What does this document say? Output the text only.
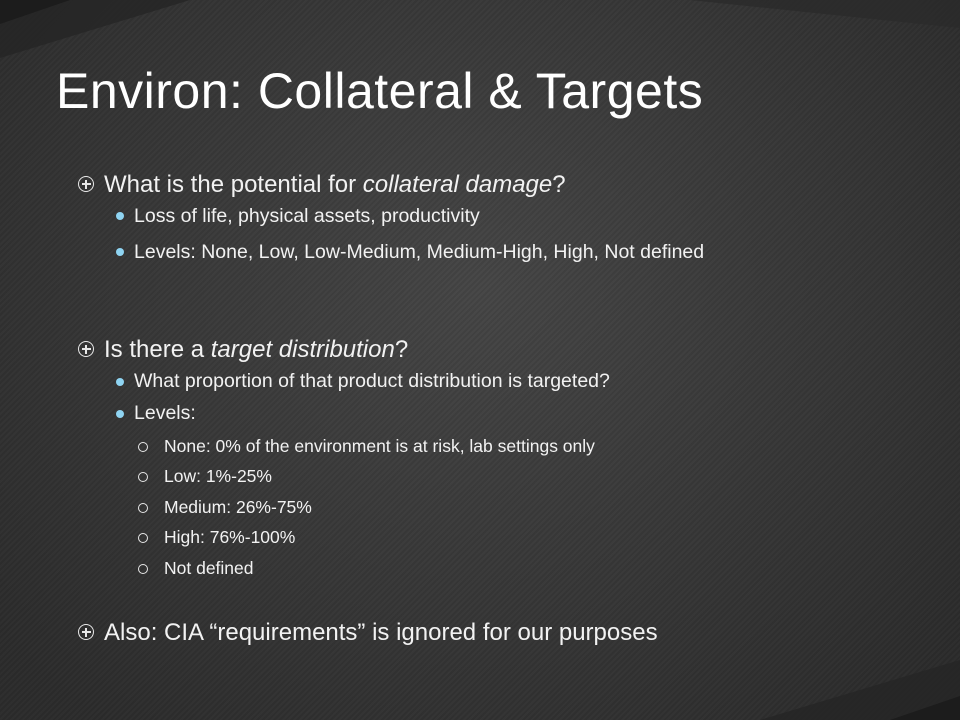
Environ: Collateral & Targets
What is the potential for collateral damage?
Loss of life, physical assets, productivity
Levels: None, Low, Low-Medium, Medium-High, High, Not defined
Is there a target distribution?
What proportion of that product distribution is targeted?
Levels:
None: 0% of the environment is at risk, lab settings only
Low: 1%-25%
Medium: 26%-75%
High: 76%-100%
Not defined
Also: CIA “requirements” is ignored for our purposes
